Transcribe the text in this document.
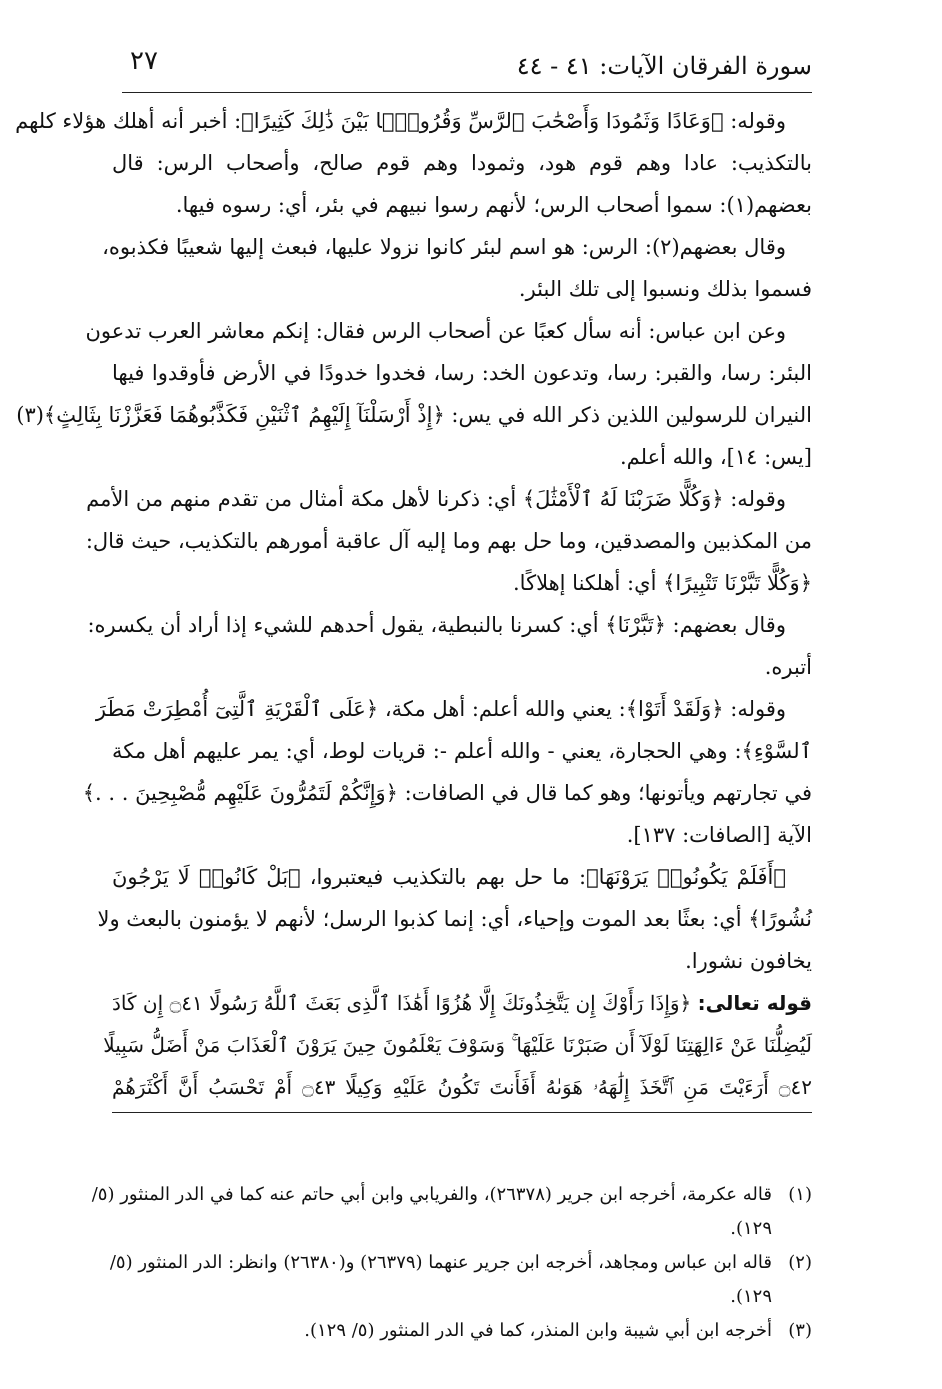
سورة الفرقان الآيات: ٤١ - ٤٤
٢٧
وقوله: ﴿وَعَادًا وَثَمُودَا وَأَصْحَٰبَ ٱلرَّسِّ وَقُرُونًۢا بَيْنَ ذَٰلِكَ كَثِيرًا﴾: أخبر أنه أهلك هؤلاء كلهم
بالتكذيب: عادا وهم قوم هود، وثمودا وهم قوم صالح، وأصحاب الرس: قال
بعضهم(١): سموا أصحاب الرس؛ لأنهم رسوا نبيهم في بئر، أي: رسوه فيها.
وقال بعضهم(٢): الرس: هو اسم لبئر كانوا نزولا عليها، فبعث إليها شعيبًا فكذبوه،
فسموا بذلك ونسبوا إلى تلك البئر.
وعن ابن عباس: أنه سأل كعبًا عن أصحاب الرس فقال: إنكم معاشر العرب تدعون
البئر: رسا، والقبر: رسا، وتدعون الخد: رسا، فخدوا خدودًا في الأرض فأوقدوا فيها
النيران للرسولين اللذين ذكر الله في يس: ﴿إِذْ أَرْسَلْنَآ إِلَيْهِمُ ٱثْنَيْنِ فَكَذَّبُوهُمَا فَعَزَّزْنَا بِثَالِثٍ﴾(٣)
[يس: ١٤]، والله أعلم.
وقوله: ﴿وَكُلًّا ضَرَبْنَا لَهُ ٱلْأَمْثَٰلَ﴾ أي: ذكرنا لأهل مكة أمثال من تقدم منهم من الأمم
من المكذبين والمصدقين، وما حل بهم وما إليه آل عاقبة أمورهم بالتكذيب، حيث قال:
﴿وَكُلًّا تَبَّرْنَا تَتْبِيرًا﴾ أي: أهلكنا إهلاكًا.
وقال بعضهم: ﴿تَبَّرْنَا﴾ أي: كسرنا بالنبطية، يقول أحدهم للشيء إذا أراد أن يكسره:
أتبره.
وقوله: ﴿وَلَقَدْ أَتَوْا﴾: يعني والله أعلم: أهل مكة، ﴿عَلَى ٱلْقَرْيَةِ ٱلَّتِىٓ أُمْطِرَتْ مَطَرَ
ٱلسَّوْءِ﴾: وهي الحجارة، يعني - والله أعلم -: قريات لوط، أي: يمر عليهم أهل مكة
في تجارتهم ويأتونها؛ وهو كما قال في الصافات: ﴿وَإِنَّكُمْ لَتَمُرُّونَ عَلَيْهِم مُّصْبِحِينَ . . .﴾
الآية [الصافات: ١٣٧].
﴿أَفَلَمْ يَكُونُوا۟ يَرَوْنَهَا﴾: ما حل بهم بالتكذيب فيعتبروا، ﴿بَلْ كَانُوا۟ لَا يَرْجُونَ
نُشُورًا﴾ أي: بعثًا بعد الموت وإحياء، أي: إنما كذبوا الرسل؛ لأنهم لا يؤمنون بالبعث ولا
يخافون نشورا.
قوله تعالى: ﴿وَإِذَا رَأَوْكَ إِن يَتَّخِذُونَكَ إِلَّا هُزُوًا أَهَٰذَا ٱلَّذِى بَعَثَ ٱللَّهُ رَسُولًا ۝٤١ إِن كَادَ
لَيُضِلُّنَا عَنْ ءَالِهَتِنَا لَوْلَآ أَن صَبَرْنَا عَلَيْهَا ۚ وَسَوْفَ يَعْلَمُونَ حِينَ يَرَوْنَ ٱلْعَذَابَ مَنْ أَضَلُّ سَبِيلًا
۝٤٢ أَرَءَيْتَ مَنِ ٱتَّخَذَ إِلَٰهَهُۥ هَوَىٰهُ أَفَأَنتَ تَكُونُ عَلَيْهِ وَكِيلًا ۝٤٣ أَمْ تَحْسَبُ أَنَّ أَكْثَرَهُمْ
(١)قاله عكرمة، أخرجه ابن جرير (٢٦٣٧٨)، والفريابي وابن أبي حاتم عنه كما في الدر المنثور (٥/
١٢٩).
(٢)قاله ابن عباس ومجاهد، أخرجه ابن جرير عنهما (٢٦٣٧٩) و(٢٦٣٨٠) وانظر: الدر المنثور (٥/
١٢٩).
(٣)أخرجه ابن أبي شيبة وابن المنذر، كما في الدر المنثور (٥/ ١٢٩).
